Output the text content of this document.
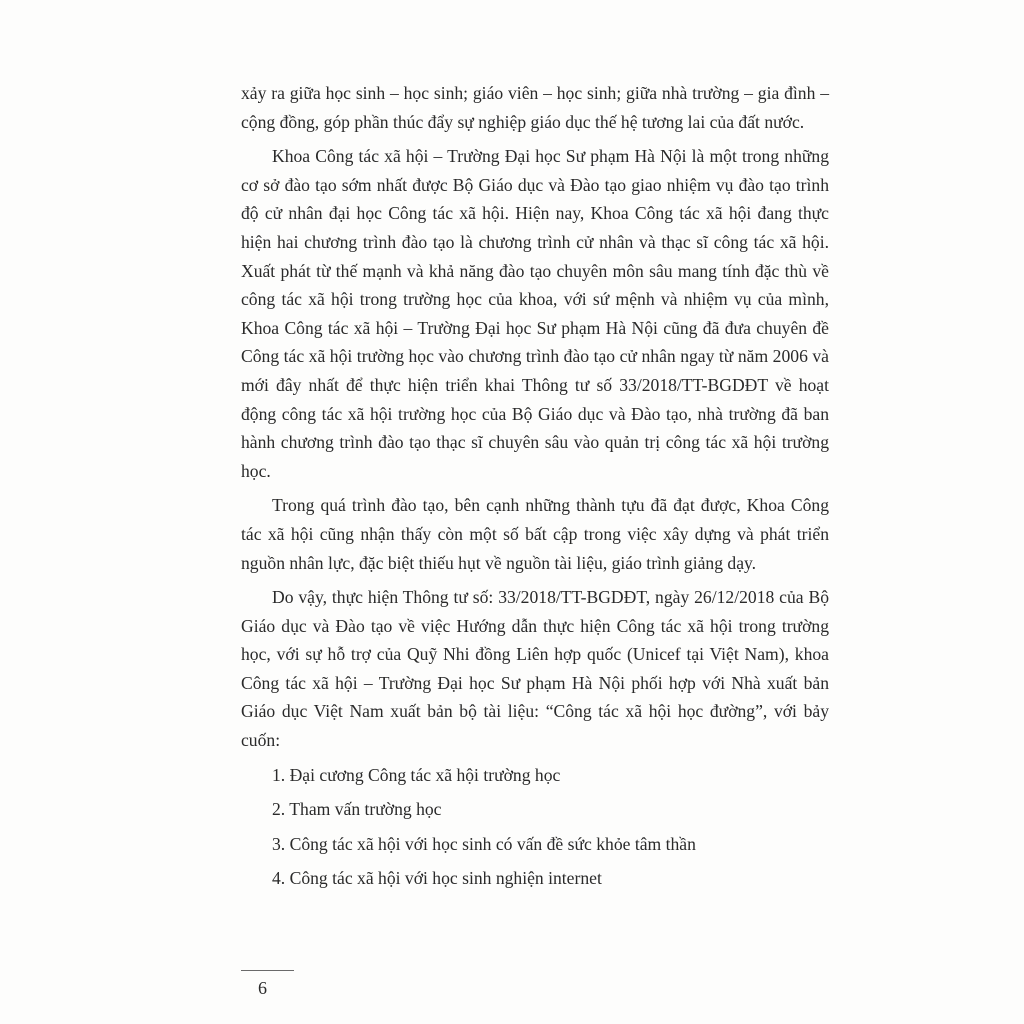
xảy ra giữa học sinh – học sinh; giáo viên – học sinh; giữa nhà trường – gia đình – cộng đồng, góp phần thúc đẩy sự nghiệp giáo dục thế hệ tương lai của đất nước.

Khoa Công tác xã hội – Trường Đại học Sư phạm Hà Nội là một trong những cơ sở đào tạo sớm nhất được Bộ Giáo dục và Đào tạo giao nhiệm vụ đào tạo trình độ cử nhân đại học Công tác xã hội. Hiện nay, Khoa Công tác xã hội đang thực hiện hai chương trình đào tạo là chương trình cử nhân và thạc sĩ công tác xã hội. Xuất phát từ thế mạnh và khả năng đào tạo chuyên môn sâu mang tính đặc thù về công tác xã hội trong trường học của khoa, với sứ mệnh và nhiệm vụ của mình, Khoa Công tác xã hội – Trường Đại học Sư phạm Hà Nội cũng đã đưa chuyên đề Công tác xã hội trường học vào chương trình đào tạo cử nhân ngay từ năm 2006 và mới đây nhất để thực hiện triển khai Thông tư số 33/2018/TT-BGDĐT về hoạt động công tác xã hội trường học của Bộ Giáo dục và Đào tạo, nhà trường đã ban hành chương trình đào tạo thạc sĩ chuyên sâu vào quản trị công tác xã hội trường học.

Trong quá trình đào tạo, bên cạnh những thành tựu đã đạt được, Khoa Công tác xã hội cũng nhận thấy còn một số bất cập trong việc xây dựng và phát triển nguồn nhân lực, đặc biệt thiếu hụt về nguồn tài liệu, giáo trình giảng dạy.

Do vậy, thực hiện Thông tư số: 33/2018/TT-BGDĐT, ngày 26/12/2018 của Bộ Giáo dục và Đào tạo về việc Hướng dẫn thực hiện Công tác xã hội trong trường học, với sự hỗ trợ của Quỹ Nhi đồng Liên hợp quốc (Unicef tại Việt Nam), khoa Công tác xã hội – Trường Đại học Sư phạm Hà Nội phối hợp với Nhà xuất bản Giáo dục Việt Nam xuất bản bộ tài liệu: “Công tác xã hội học đường”, với bảy cuốn:

1. Đại cương Công tác xã hội trường học
2. Tham vấn trường học
3. Công tác xã hội với học sinh có vấn đề sức khỏe tâm thần
4. Công tác xã hội với học sinh nghiện internet
6
